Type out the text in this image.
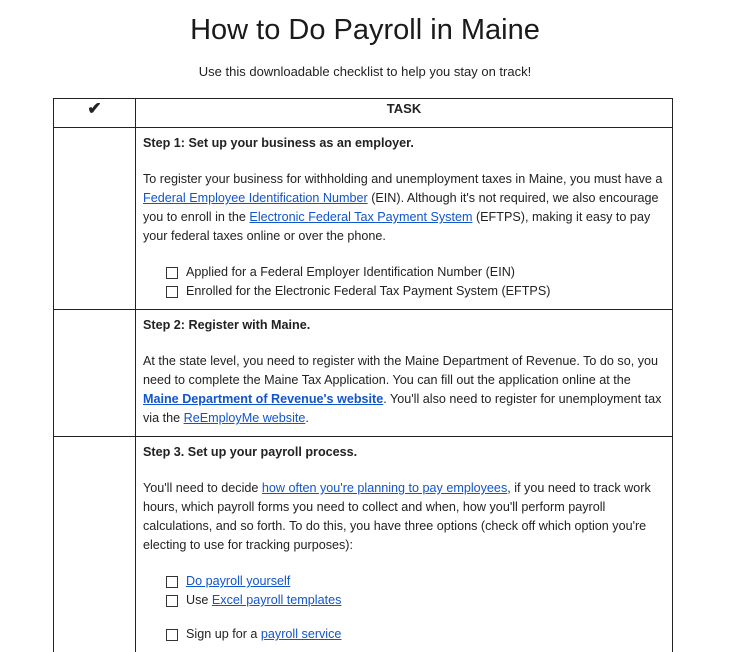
How to Do Payroll in Maine
Use this downloadable checklist to help you stay on track!
✔	TASK

	Step 1: Set up your business as an employer.

To register your business for withholding and unemployment taxes in Maine, you must have a Federal Employee Identification Number (EIN). Although it's not required, we also encourage you to enroll in the Electronic Federal Tax Payment System (EFTPS), making it easy to pay your federal taxes online or over the phone.

Applied for a Federal Employer Identification Number (EIN)
Enrolled for the Electronic Federal Tax Payment System (EFTPS)

	Step 2: Register with Maine.

At the state level, you need to register with the Maine Department of Revenue. To do so, you need to complete the Maine Tax Application. You can fill out the application online at the Maine Department of Revenue's website. You'll also need to register for unemployment tax via the ReEmployMe website.

	Step 3. Set up your payroll process.

You'll need to decide how often you're planning to pay employees, if you need to track work hours, which payroll forms you need to collect and when, how you'll perform payroll calculations, and so forth. To do this, you have three options (check off which option you're electing to use for tracking purposes):

Do payroll yourself
Use Excel payroll templates
Sign up for a payroll service
